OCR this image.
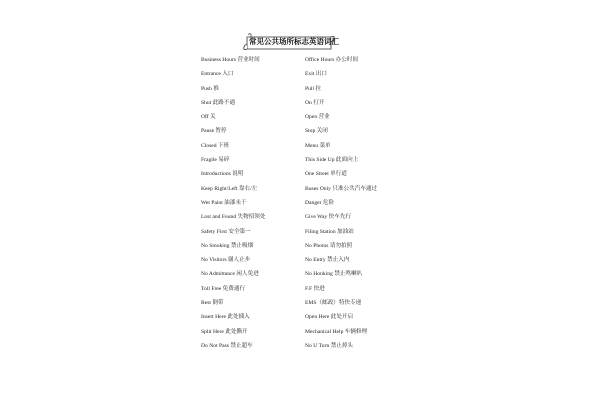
常见公共场所标志英语词汇
Business Hours 营业时间
Entrance 入口
Push 推
Shut 此路不通
Off 关
Pause 暂停
Closed 下班
Fragile 易碎
Introductions 说明
Keep Right/Left 靠右/左
Wet Paint 油漆未干
Lost and Found 失物招领处
Safety First 安全第一
No Smoking 禁止吸烟
No Visitors 谢人止步
No Admittance 闲人免进
Toll Free 免费通行
Rest 倒带
Insert Here 此处插入
Split Here 此处撕开
Do Not Pass 禁止超车
Office Hours 办公时间
Exit 出口
Pull 拉
On 打开
Open 营业
Stop 关闭
Menu 菜单
This Side Up 此面向上
One Street 单行道
Buses Only 只准公共汽车通过
Danger 危险
Give Way 快车先行
Filing Station 加油站
No Photos 请勿拍照
No Entry 禁止入内
No Honking 禁止鸣喇叭
F.F 快进
EMS（邮政）特快专递
Open Here 此处开启
Mechanical Help 车辆修理
No U Turn 禁止掉头
